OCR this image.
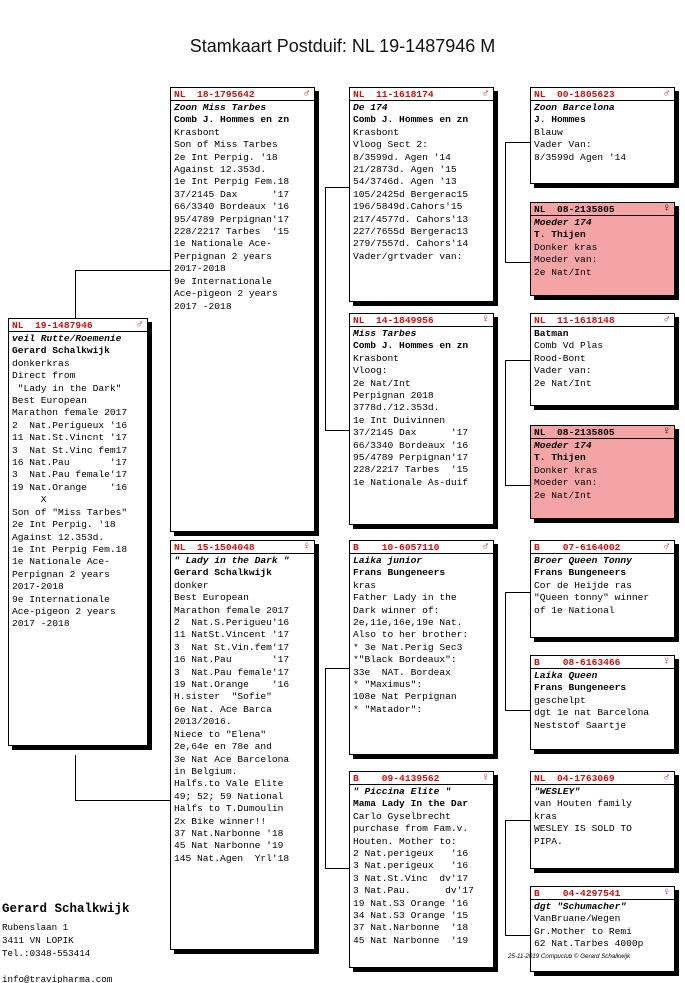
Stamkaart Postduif: NL 19-1487946 M
NL  19-1487946	♂
veil Rutte/Roemenie
Gerard Schalkwijk
donkerkras
Direct from
"Lady in the Dark"
Best European
Marathon female 2017
2  Nat.Perigueux '16
11 Nat.St.Vincnt '17
3  Nat St.Vinc fem17
16 Nat.Pau       '17
3  Nat.Pau female'17
19 Nat.Orange    '16
X
Son of "Miss Tarbes"
2e Int Perpig. '18
Against 12.353d.
1e Int Perpig Fem.18
1e Nationale Ace-
Perpignan 2 years
2017-2018
9e Internationale
Ace-pigeon 2 years
2017 -2018
NL  18-1795642	♂
Zoon Miss Tarbes
Comb J. Hommes en zn
Krasbont
Son of Miss Tarbes
2e Int Perpig. '18
Against 12.353d.
1e Int Perpig Fem.18
37/2145 Dax      '17
66/3340 Bordeaux '16
95/4789 Perpignan'17
228/2217 Tarbes  '15
1e Nationale Ace-
Perpignan 2 years
2017-2018
9e Internationale
Ace-pigeon 2 years
2017 -2018
NL  15-1504048	♀
" Lady in the Dark "
Gerard Schalkwijk
donker
Best European
Marathon female 2017
2  Nat.S.Perigueu'16
11 NatSt.Vincent '17
3  Nat St.Vin.fem'17
16 Nat.Pau       '17
3  Nat.Pau female'17
19 Nat.Orange    '16
H.sister  "Sofie"
6e Nat. Ace Barca
2013/2016.
Niece to "Elena"
2e,64e en 78e and
3e Nat Ace Barcelona
in Belgium.
Halfs.to Vale Elite
49; 52; 59 National
Halfs to T.Dumoulin
2x Bike winner!!
37 Nat.Narbonne '18
45 Nat Narbonne '19
145 Nat.Agen  Yrl'18
NL  11-1618174	♂
De 174
Comb J. Hommes en zn
Krasbont
Vloog Sect 2:
8/3599d. Agen '14
21/2873d. Agen '15
54/3746d. Agen '13
105/2425d Bergerac15
196/5849d.Cahors'15
217/4577d. Cahors'13
227/7655d Bergerac13
279/7557d. Cahors'14
Vader/grtvader van:
NL  14-1849956	♀
Miss Tarbes
Comb J. Hommes en zn
Krasbont
Vloog:
2e Nat/Int
Perpignan 2018
3778d./12.353d.
1e Int Duivinnen
37/2145 Dax      '17
66/3340 Bordeaux '16
95/4789 Perpignan'17
228/2217 Tarbes  '15
1e Nationale As-duif
B    10-6057110	♂
Laika junior
Frans Bungeneers
kras
Father Lady in the
Dark winner of:
2e,11e,16e,19e Nat.
Also to her brother:
* 3e Nat.Perig Sec3
*"Black Bordeaux":
33e  NAT. Bordeax
* "Maximus":
108e Nat Perpignan
* "Matador":
B    09-4139562	♀
" Piccina Elite "
Mama Lady In the Dar
Carlo Gyselbrecht
purchase from Fam.v.
Houten. Mother to:
2 Nat.perigeux   '16
3 Nat.perigeux   '16
3 Nat.St.Vinc  dv'17
3 Nat.Pau.      dv'17
19 Nat.S3 Orange '16
34 Nat.S3 Orange '15
37 Nat.Narbonne  '18
45 Nat Narbonne  '19
NL  00-1805623	♂
Zoon Barcelona
J. Hommes
Blauw
Vader Van:
8/3599d Agen '14
NL  08-2135805	♀
Moeder 174
T. Thijen
Donker kras
Moeder van:
2e Nat/Int
NL  11-1618148	♂
Batman
Comb Vd Plas
Rood-Bont
Vader van:
2e Nat/Int
NL  08-2135805	♀
Moeder 174
T. Thijen
Donker kras
Moeder van:
2e Nat/Int
B    07-6164002	♂
Broer Queen Tonny
Frans Bungeneers
Cor de Heijde ras
"Queen tonny" winner
of 1e National
B    08-6163466	♀
Laika Queen
Frans Bungeneers
geschelpt
dgt 1e nat Barcelona
Neststof Saartje
NL  04-1763069	♂
"WESLEY"
van Houten family
kras
WESLEY IS SOLD TO
PIPA.
B    04-4297541	♀
dgt "Schumacher"
VanBruane/Wegen
Gr.Mother to Remi
62 Nat.Tarbes 4000p
Gerard Schalkwijk
Rubenslaan 1
3411 VN LOPIK
Tel.:0348-553414
info@travipharma.com
25-11-2019 Compuclub © Gerard Schalkwijk
